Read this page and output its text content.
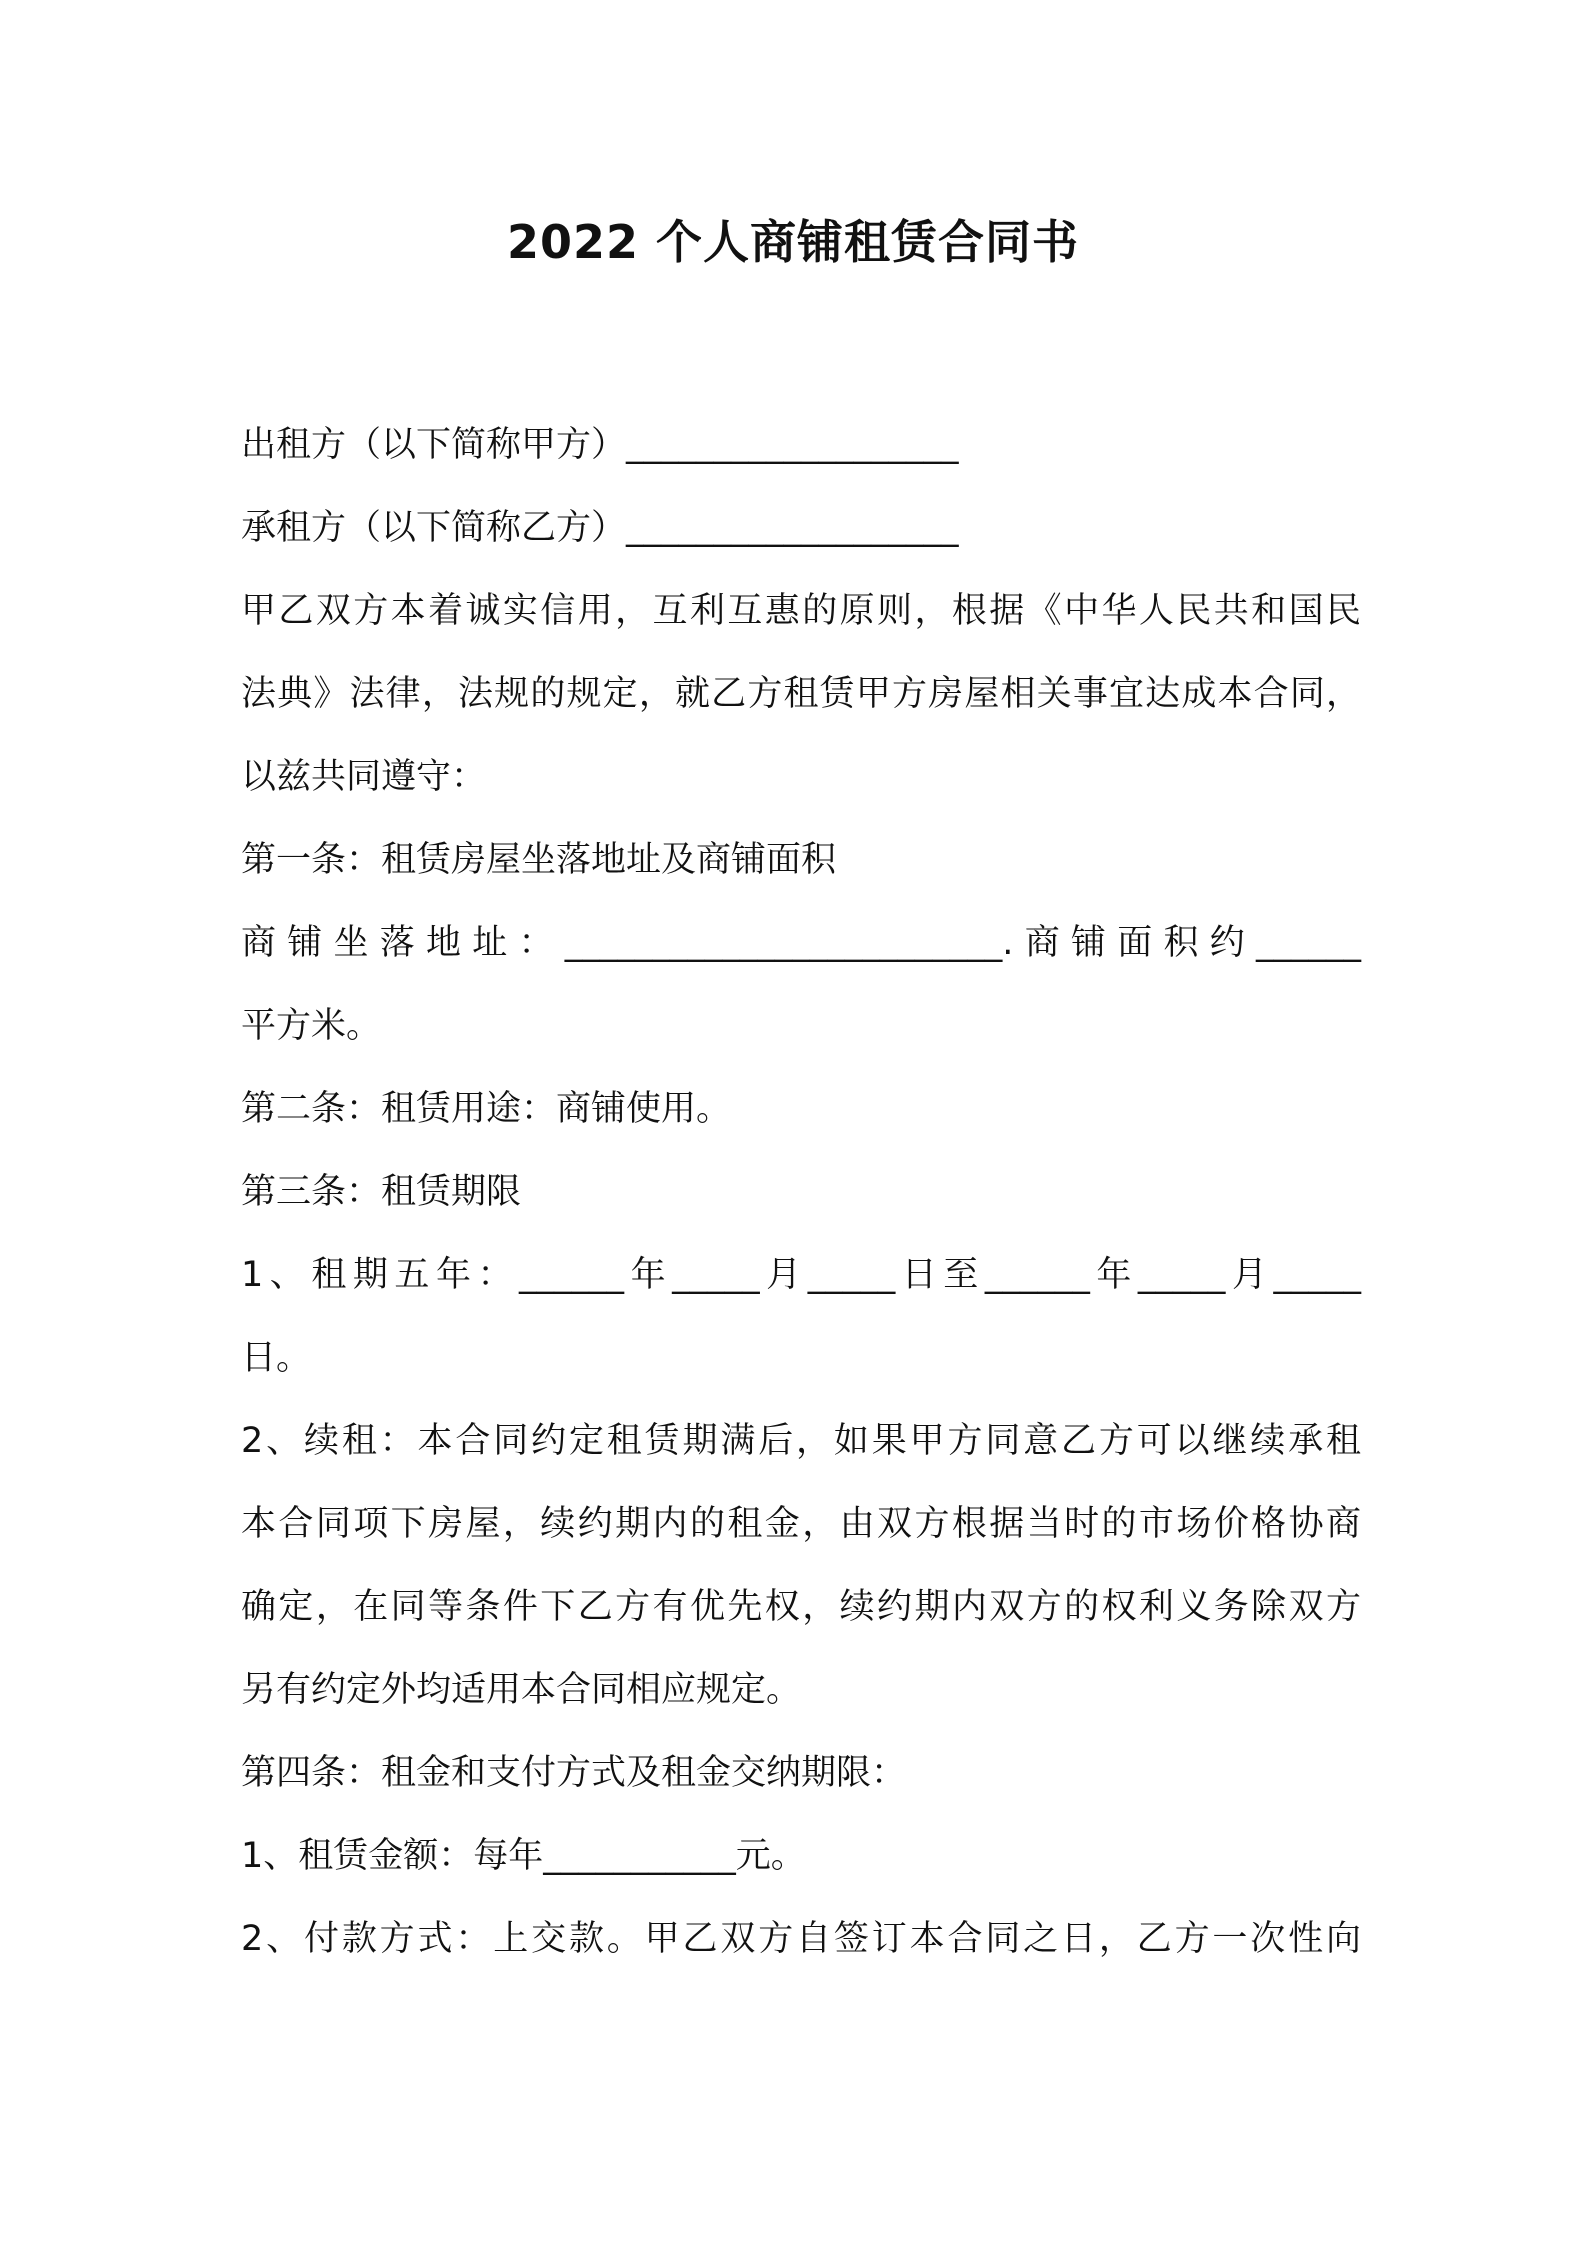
2022 个人商铺租赁合同书
出租方（以下简称甲方）___________________
承租方（以下简称乙方）___________________
甲乙双方本着诚实信用，互利互惠的原则，根据《中华人民共和国民
法典》法律，法规的规定，就乙方租赁甲方房屋相关事宜达成本合同，
以兹共同遵守：
第一条：租赁房屋坐落地址及商铺面积
商铺坐落地址：_________________________.商铺面积约______
平方米。
第二条：租赁用途：商铺使用。
第三条：租赁期限
1、租期五年：______年_____月_____日至______年_____月_____
日。
2、续租：本合同约定租赁期满后，如果甲方同意乙方可以继续承租
本合同项下房屋，续约期内的租金，由双方根据当时的市场价格协商
确定，在同等条件下乙方有优先权，续约期内双方的权利义务除双方
另有约定外均适用本合同相应规定。
第四条：租金和支付方式及租金交纳期限：
1、租赁金额：每年___________元。
2、付款方式：上交款。甲乙双方自签订本合同之日，乙方一次性向
